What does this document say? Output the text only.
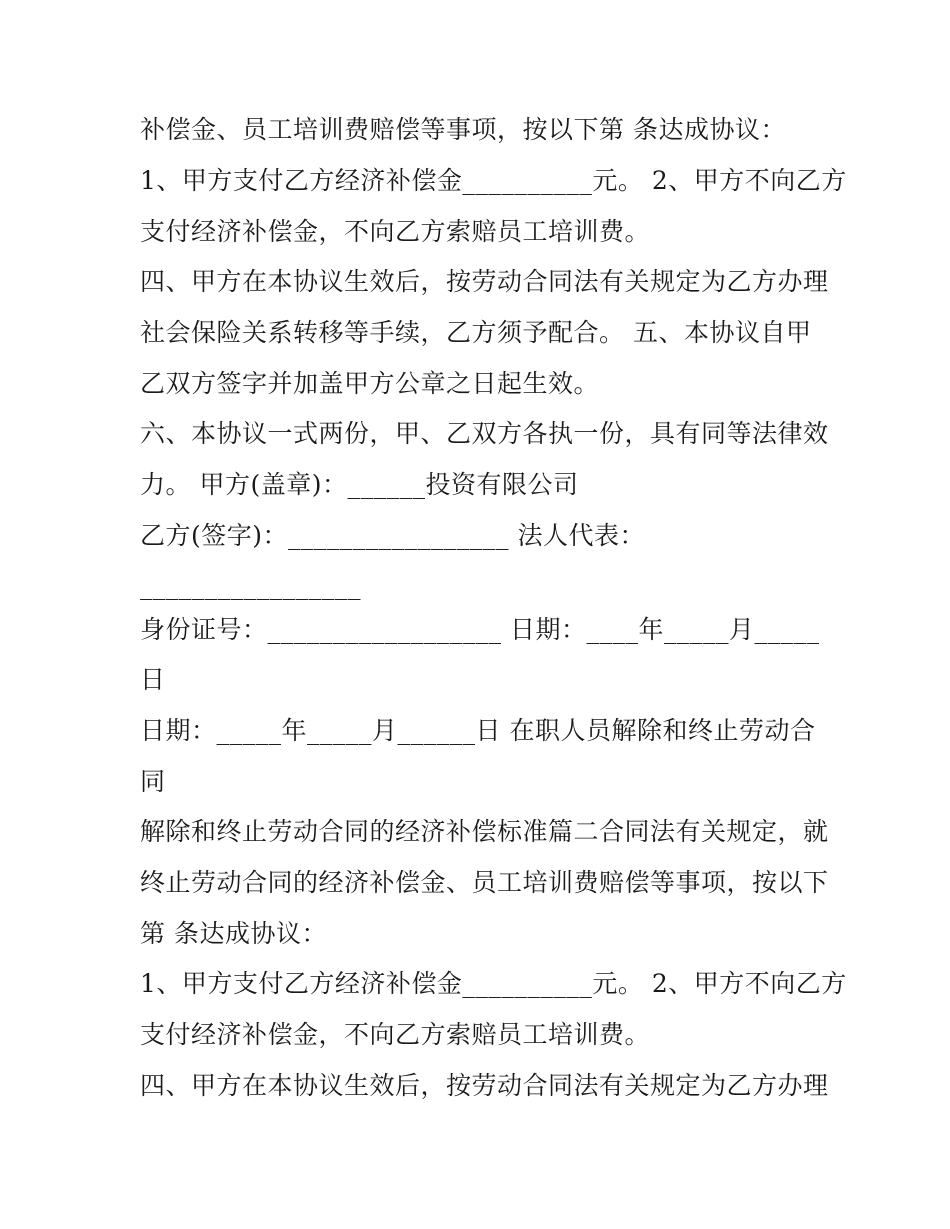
补偿金、员工培训费赔偿等事项，按以下第 条达成协议：
1、甲方支付乙方经济补偿金__________元。 2、甲方不向乙方
支付经济补偿金，不向乙方索赔员工培训费。
四、甲方在本协议生效后，按劳动合同法有关规定为乙方办理
社会保险关系转移等手续，乙方须予配合。 五、本协议自甲
乙双方签字并加盖甲方公章之日起生效。
六、本协议一式两份，甲、乙双方各执一份，具有同等法律效
力。 甲方(盖章)：______投资有限公司
乙方(签字)：_________________ 法人代表：
_________________
身份证号：__________________ 日期：____年_____月_____
日
日期：_____年_____月______日 在职人员解除和终止劳动合
同
解除和终止劳动合同的经济补偿标准篇二合同法有关规定，就
终止劳动合同的经济补偿金、员工培训费赔偿等事项，按以下
第 条达成协议：
1、甲方支付乙方经济补偿金__________元。 2、甲方不向乙方
支付经济补偿金，不向乙方索赔员工培训费。
四、甲方在本协议生效后，按劳动合同法有关规定为乙方办理
